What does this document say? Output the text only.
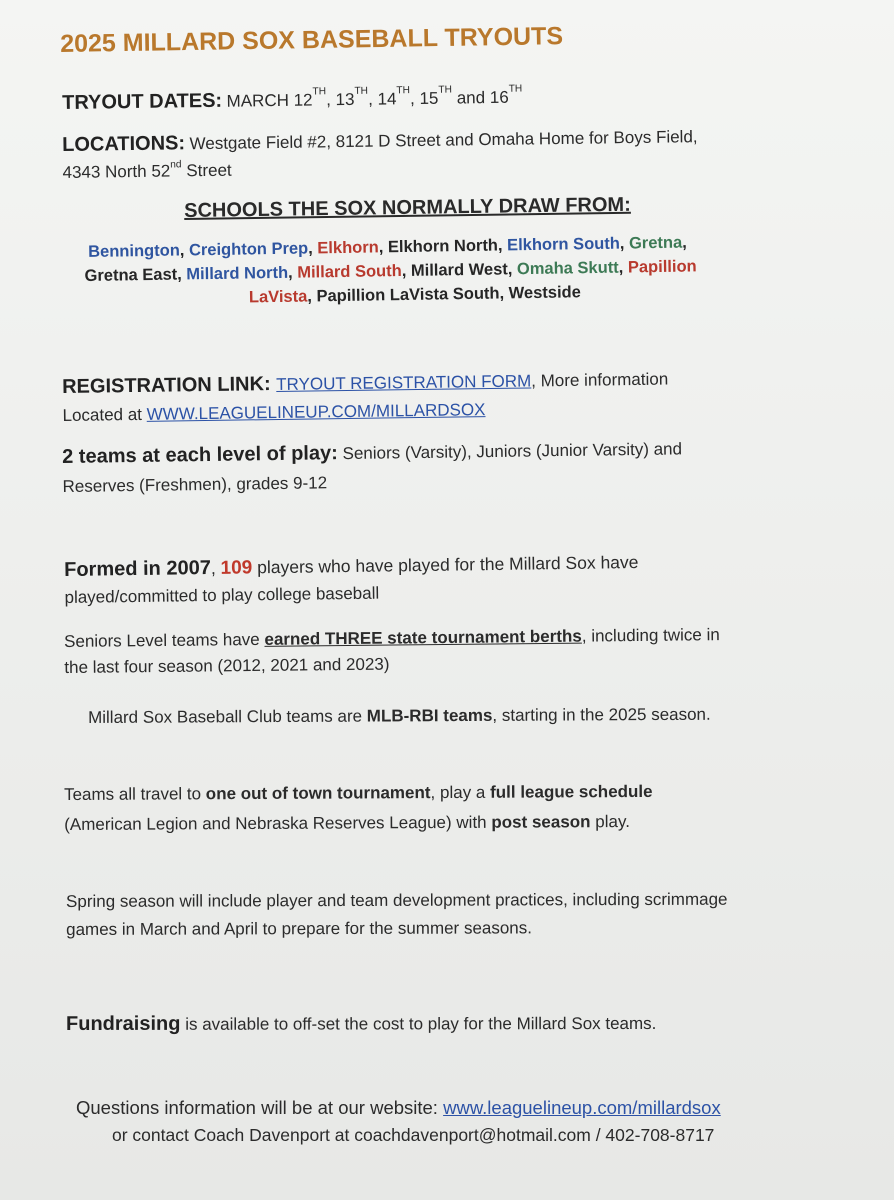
2025 MILLARD SOX BASEBALL TRYOUTS
TRYOUT DATES: MARCH 12TH, 13TH, 14TH, 15TH and 16TH
LOCATIONS: Westgate Field #2, 8121 D Street and Omaha Home for Boys Field,
4343 North 52nd Street
SCHOOLS THE SOX NORMALLY DRAW FROM:
Bennington, Creighton Prep, Elkhorn, Elkhorn North, Elkhorn South, Gretna,
Gretna East, Millard North, Millard South, Millard West, Omaha Skutt, Papillion
LaVista, Papillion LaVista South, Westside
REGISTRATION LINK: TRYOUT REGISTRATION FORM, More information
Located at WWW.LEAGUELINEUP.COM/MILLARDSOX
2 teams at each level of play: Seniors (Varsity), Juniors (Junior Varsity) and
Reserves (Freshmen), grades 9-12
Formed in 2007, 109 players who have played for the Millard Sox have
played/committed to play college baseball
Seniors Level teams have earned THREE state tournament berths, including twice in
the last four season (2012, 2021 and 2023)
Millard Sox Baseball Club teams are MLB-RBI teams, starting in the 2025 season.
Teams all travel to one out of town tournament, play a full league schedule
(American Legion and Nebraska Reserves League) with post season play.
Spring season will include player and team development practices, including scrimmage
games in March and April to prepare for the summer seasons.
Fundraising is available to off-set the cost to play for the Millard Sox teams.
Questions information will be at our website: www.leaguelineup.com/millardsox
or contact Coach Davenport at coachdavenport@hotmail.com / 402-708-8717
